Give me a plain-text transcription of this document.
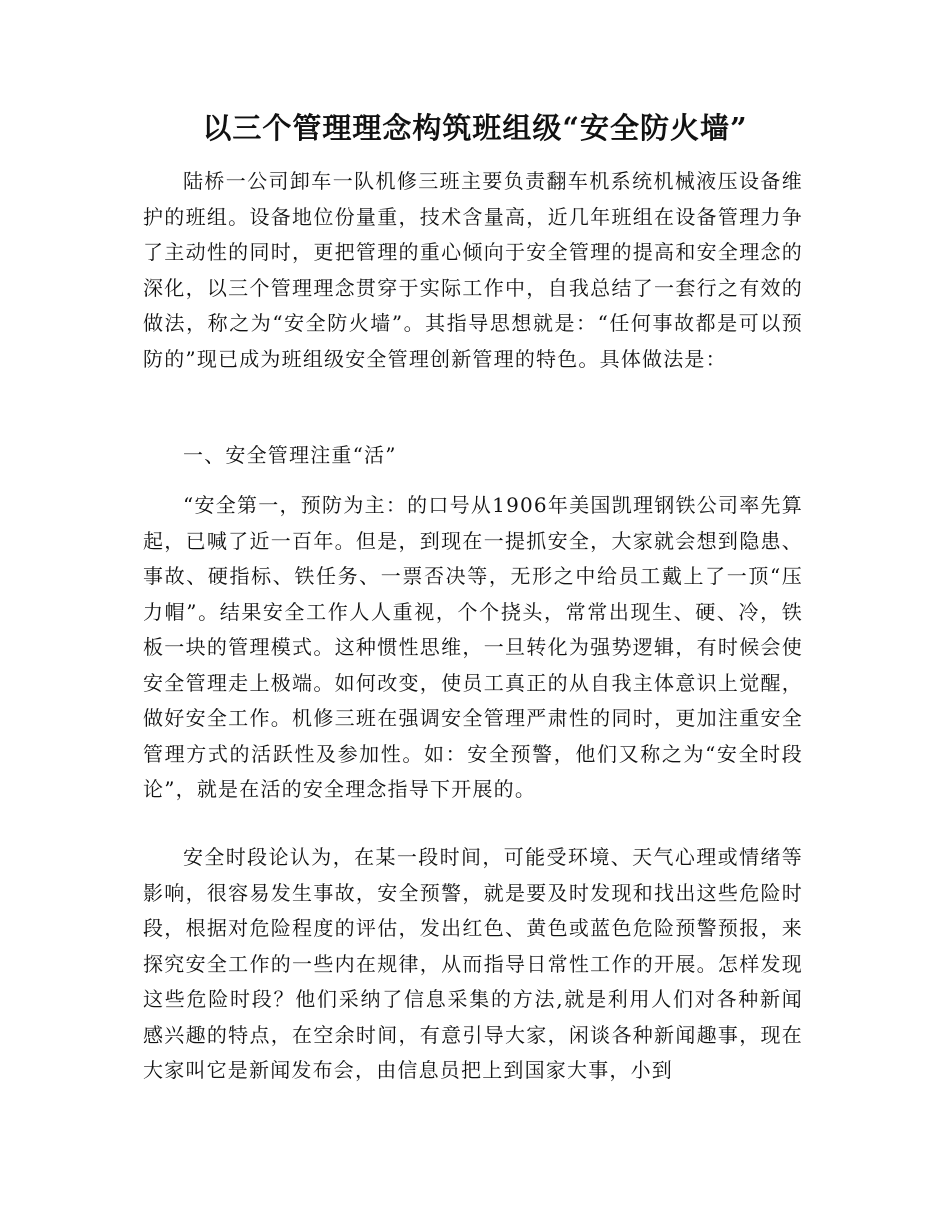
以三个管理理念构筑班组级“安全防火墙”

陆桥一公司卸车一队机修三班主要负责翻车机系统机械液压设备维护的班组。设备地位份量重，技术含量高，近几年班组在设备管理力争了主动性的同时，更把管理的重心倾向于安全管理的提高和安全理念的深化，以三个管理理念贯穿于实际工作中，自我总结了一套行之有效的做法，称之为“安全防火墙”。其指导思想就是：“任何事故都是可以预防的”现已成为班组级安全管理创新管理的特色。具体做法是：

一、安全管理注重“活”

“安全第一，预防为主：的口号从1906年美国凯理钢铁公司率先算起，已喊了近一百年。但是，到现在一提抓安全，大家就会想到隐患、事故、硬指标、铁任务、一票否决等，无形之中给员工戴上了一顶“压力帽”。结果安全工作人人重视，个个挠头，常常出现生、硬、冷，铁板一块的管理模式。这种惯性思维，一旦转化为强势逻辑，有时候会使安全管理走上极端。如何改变，使员工真正的从自我主体意识上觉醒，做好安全工作。机修三班在强调安全管理严肃性的同时，更加注重安全管理方式的活跃性及参加性。如：安全预警，他们又称之为“安全时段论”，就是在活的安全理念指导下开展的。

安全时段论认为，在某一段时间，可能受环境、天气心理或情绪等影响，很容易发生事故，安全预警，就是要及时发现和找出这些危险时段，根据对危险程度的评估，发出红色、黄色或蓝色危险预警预报，来探究安全工作的一些内在规律，从而指导日常性工作的开展。怎样发现这些危险时段？他们采纳了信息采集的方法,就是利用人们对各种新闻感兴趣的特点，在空余时间，有意引导大家，闲谈各种新闻趣事，现在大家叫它是新闻发布会，由信息员把上到国家大事，小到
